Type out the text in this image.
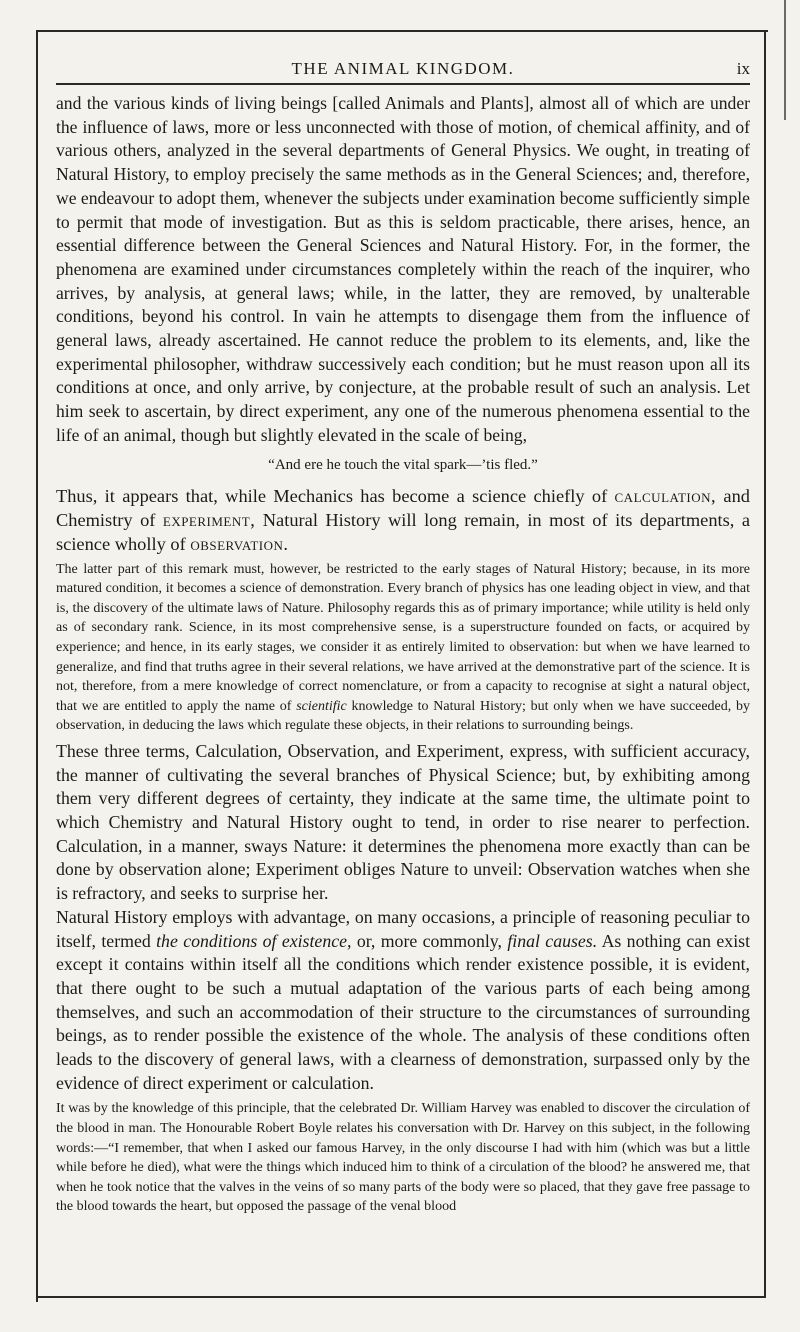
THE ANIMAL KINGDOM.	ix

and the various kinds of living beings [called Animals and Plants], almost all of which are under the influence of laws, more or less unconnected with those of motion, of chemical affinity, and of various others, analyzed in the several departments of General Physics. We ought, in treating of Natural History, to employ precisely the same methods as in the General Sciences; and, therefore, we endeavour to adopt them, whenever the subjects under examination become sufficiently simple to permit that mode of investigation. But as this is seldom practicable, there arises, hence, an essential difference between the General Sciences and Natural History. For, in the former, the phenomena are examined under circumstances completely within the reach of the inquirer, who arrives, by analysis, at general laws; while, in the latter, they are removed, by unalterable conditions, beyond his control. In vain he attempts to disengage them from the influence of general laws, already ascertained. He cannot reduce the problem to its elements, and, like the experimental philosopher, withdraw successively each condition; but he must reason upon all its conditions at once, and only arrive, by conjecture, at the probable result of such an analysis. Let him seek to ascertain, by direct experiment, any one of the numerous phenomena essential to the life of an animal, though but slightly elevated in the scale of being,

“And ere he touch the vital spark—’tis fled.”

Thus, it appears that, while Mechanics has become a science chiefly of calculation, and Chemistry of experiment, Natural History will long remain, in most of its departments, a science wholly of observation.

The latter part of this remark must, however, be restricted to the early stages of Natural History; because, in its more matured condition, it becomes a science of demonstration. Every branch of physics has one leading object in view, and that is, the discovery of the ultimate laws of Nature. Philosophy regards this as of primary importance; while utility is held only as of secondary rank. Science, in its most comprehensive sense, is a superstructure founded on facts, or acquired by experience; and hence, in its early stages, we consider it as entirely limited to observation: but when we have learned to generalize, and find that truths agree in their several relations, we have arrived at the demonstrative part of the science. It is not, therefore, from a mere knowledge of correct nomenclature, or from a capacity to recognise at sight a natural object, that we are entitled to apply the name of scientific knowledge to Natural History; but only when we have succeeded, by observation, in deducing the laws which regulate these objects, in their relations to surrounding beings.

These three terms, Calculation, Observation, and Experiment, express, with sufficient accuracy, the manner of cultivating the several branches of Physical Science; but, by exhibiting among them very different degrees of certainty, they indicate at the same time, the ultimate point to which Chemistry and Natural History ought to tend, in order to rise nearer to perfection. Calculation, in a manner, sways Nature: it determines the phenomena more exactly than can be done by observation alone; Experiment obliges Nature to unveil: Observation watches when she is refractory, and seeks to surprise her.

Natural History employs with advantage, on many occasions, a principle of reasoning peculiar to itself, termed the conditions of existence, or, more commonly, final causes. As nothing can exist except it contains within itself all the conditions which render existence possible, it is evident, that there ought to be such a mutual adaptation of the various parts of each being among themselves, and such an accommodation of their structure to the circumstances of surrounding beings, as to render possible the existence of the whole. The analysis of these conditions often leads to the discovery of general laws, with a clearness of demonstration, surpassed only by the evidence of direct experiment or calculation.

It was by the knowledge of this principle, that the celebrated Dr. William Harvey was enabled to discover the circulation of the blood in man. The Honourable Robert Boyle relates his conversation with Dr. Harvey on this subject, in the following words:—“I remember, that when I asked our famous Harvey, in the only discourse I had with him (which was but a little while before he died), what were the things which induced him to think of a circulation of the blood? he answered me, that when he took notice that the valves in the veins of so many parts of the body were so placed, that they gave free passage to the blood towards the heart, but opposed the passage of the venal blood
